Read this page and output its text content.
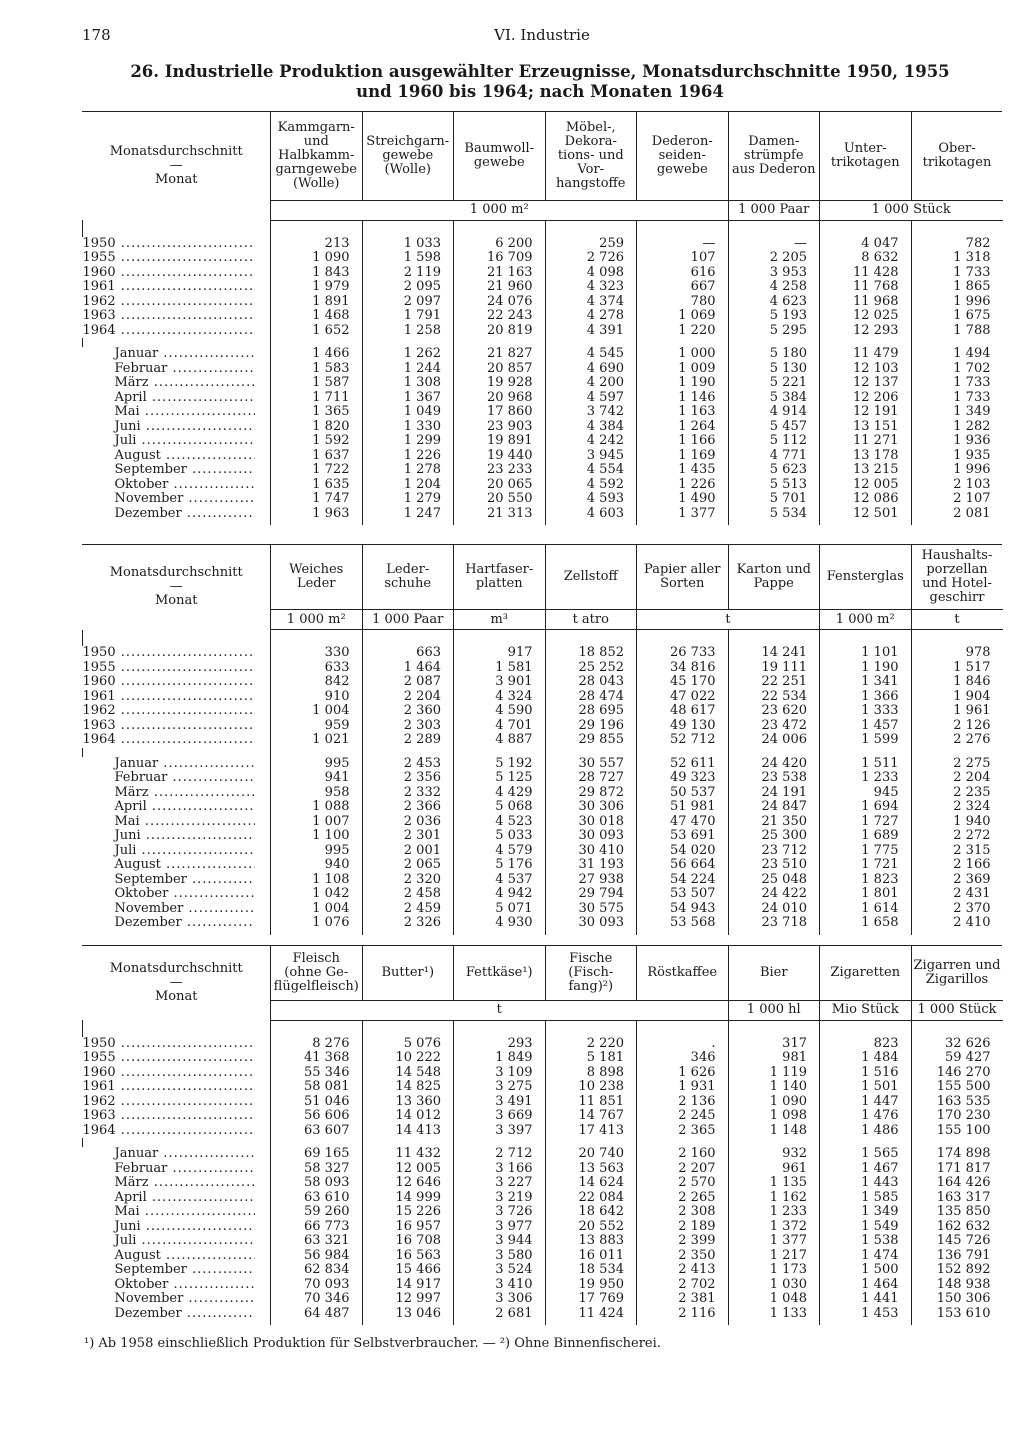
178	VI. Industrie
26. Industrielle Produktion ausgewählter Erzeugnisse, Monatsdurchschnitte 1950, 1955
und 1960 bis 1964; nach Monaten 1964
Monatsdurchschnitt
—
Monat	Kammgarn- und Halbkamm-garngewebe (Wolle)	Streichgarn-gewebe (Wolle)	Baumwoll-gewebe	Möbel-, Dekora-tions- und Vor-hangstoffe	Dederon-seiden-gewebe	Damen-strümpfe aus Dederon	Unter-trikotagen	Ober-trikotagen
	1 000 m²					1 000 Paar	1 000 Stück	

1950 .....	213	1 033	6 200	259	—	—	4 047	782

1955 .....	1 090	1 598	16 709	2 726	107	2 205	8 632	1 318

1960 .....	1 843	2 119	21 163	4 098	616	3 953	11 428	1 733

1961 .....	1 979	2 095	21 960	4 323	667	4 258	11 768	1 865

1962 .....	1 891	2 097	24 076	4 374	780	4 623	11 968	1 996

1963 .....	1 468	1 791	22 243	4 278	1 069	5 193	12 025	1 675

1964 .....	1 652	1 258	20 819	4 391	1 220	5 295	12 293	1 788

Januar .....	1 466	1 262	21 827	4 545	1 000	5 180	11 479	1 494

Februar .....	1 583	1 244	20 857	4 690	1 009	5 130	12 103	1 702

März .....	1 587	1 308	19 928	4 200	1 190	5 221	12 137	1 733

April .....	1 711	1 367	20 968	4 597	1 146	5 384	12 206	1 733

Mai .....	1 365	1 049	17 860	3 742	1 163	4 914	12 191	1 349

Juni .....	1 820	1 330	23 903	4 384	1 264	5 457	13 151	1 282

Juli .....	1 592	1 299	19 891	4 242	1 166	5 112	11 271	1 936

August .....	1 637	1 226	19 440	3 945	1 169	4 771	13 178	1 935

September .....	1 722	1 278	23 233	4 554	1 435	5 623	13 215	1 996

Oktober .....	1 635	1 204	20 065	4 592	1 226	5 513	12 005	2 103

November .....	1 747	1 279	20 550	4 593	1 490	5 701	12 086	2 107

Dezember .....	1 963	1 247	21 313	4 603	1 377	5 534	12 501	2 081
Monatsdurchschnitt
—
Monat	Weiches Leder	Leder-schuhe	Hartfaser-platten	Zellstoff	Papier aller Sorten	Karton und Pappe	Fensterglas	Haushalts-porzellan und Hotel-geschirr
	1 000 m²	1 000 Paar	m³	t atro	t		1 000 m²	t

1950 .....	330	663	917	18 852	26 733	14 241	1 101	978

1955 .....	633	1 464	1 581	25 252	34 816	19 111	1 190	1 517

1960 .....	842	2 087	3 901	28 043	45 170	22 251	1 341	1 846

1961 .....	910	2 204	4 324	28 474	47 022	22 534	1 366	1 904

1962 .....	1 004	2 360	4 590	28 695	48 617	23 620	1 333	1 961

1963 .....	959	2 303	4 701	29 196	49 130	23 472	1 457	2 126

1964 .....	1 021	2 289	4 887	29 855	52 712	24 006	1 599	2 276

Januar .....	995	2 453	5 192	30 557	52 611	24 420	1 511	2 275

Februar .....	941	2 356	5 125	28 727	49 323	23 538	1 233	2 204

März .....	958	2 332	4 429	29 872	50 537	24 191	945	2 235

April .....	1 088	2 366	5 068	30 306	51 981	24 847	1 694	2 324

Mai .....	1 007	2 036	4 523	30 018	47 470	21 350	1 727	1 940

Juni .....	1 100	2 301	5 033	30 093	53 691	25 300	1 689	2 272

Juli .....	995	2 001	4 579	30 410	54 020	23 712	1 775	2 315

August .....	940	2 065	5 176	31 193	56 664	23 510	1 721	2 166

September .....	1 108	2 320	4 537	27 938	54 224	25 048	1 823	2 369

Oktober .....	1 042	2 458	4 942	29 794	53 507	24 422	1 801	2 431

November .....	1 004	2 459	5 071	30 575	54 943	24 010	1 614	2 370

Dezember .....	1 076	2 326	4 930	30 093	53 568	23 718	1 658	2 410
Monatsdurchschnitt
—
Monat	Fleisch (ohne Ge-flügelfleisch)	Butter¹)	Fettkäse¹)	Fische (Fisch-fang)²)	Röstkaffee	Bier	Zigaretten	Zigarren und Zigarillos
	t					1 000 hl	Mio Stück	1 000 Stück

1950 .....	8 276	5 076	293	2 220	.	317	823	32 626

1955 .....	41 368	10 222	1 849	5 181	346	981	1 484	59 427

1960 .....	55 346	14 548	3 109	8 898	1 626	1 119	1 516	146 270

1961 .....	58 081	14 825	3 275	10 238	1 931	1 140	1 501	155 500

1962 .....	51 046	13 360	3 491	11 851	2 136	1 090	1 447	163 535

1963 .....	56 606	14 012	3 669	14 767	2 245	1 098	1 476	170 230

1964 .....	63 607	14 413	3 397	17 413	2 365	1 148	1 486	155 100

Januar .....	69 165	11 432	2 712	20 740	2 160	932	1 565	174 898

Februar .....	58 327	12 005	3 166	13 563	2 207	961	1 467	171 817

März .....	58 093	12 646	3 227	14 624	2 570	1 135	1 443	164 426

April .....	63 610	14 999	3 219	22 084	2 265	1 162	1 585	163 317

Mai .....	59 260	15 226	3 726	18 642	2 308	1 233	1 349	135 850

Juni .....	66 773	16 957	3 977	20 552	2 189	1 372	1 549	162 632

Juli .....	63 321	16 708	3 944	13 883	2 399	1 377	1 538	145 726

August .....	56 984	16 563	3 580	16 011	2 350	1 217	1 474	136 791

September .....	62 834	15 466	3 524	18 534	2 413	1 173	1 500	152 892

Oktober .....	70 093	14 917	3 410	19 950	2 702	1 030	1 464	148 938

November .....	70 346	12 997	3 306	17 769	2 381	1 048	1 441	150 306

Dezember .....	64 487	13 046	2 681	11 424	2 116	1 133	1 453	153 610
¹) Ab 1958 einschließlich Produktion für Selbstverbraucher. — ²) Ohne Binnenfischerei.
